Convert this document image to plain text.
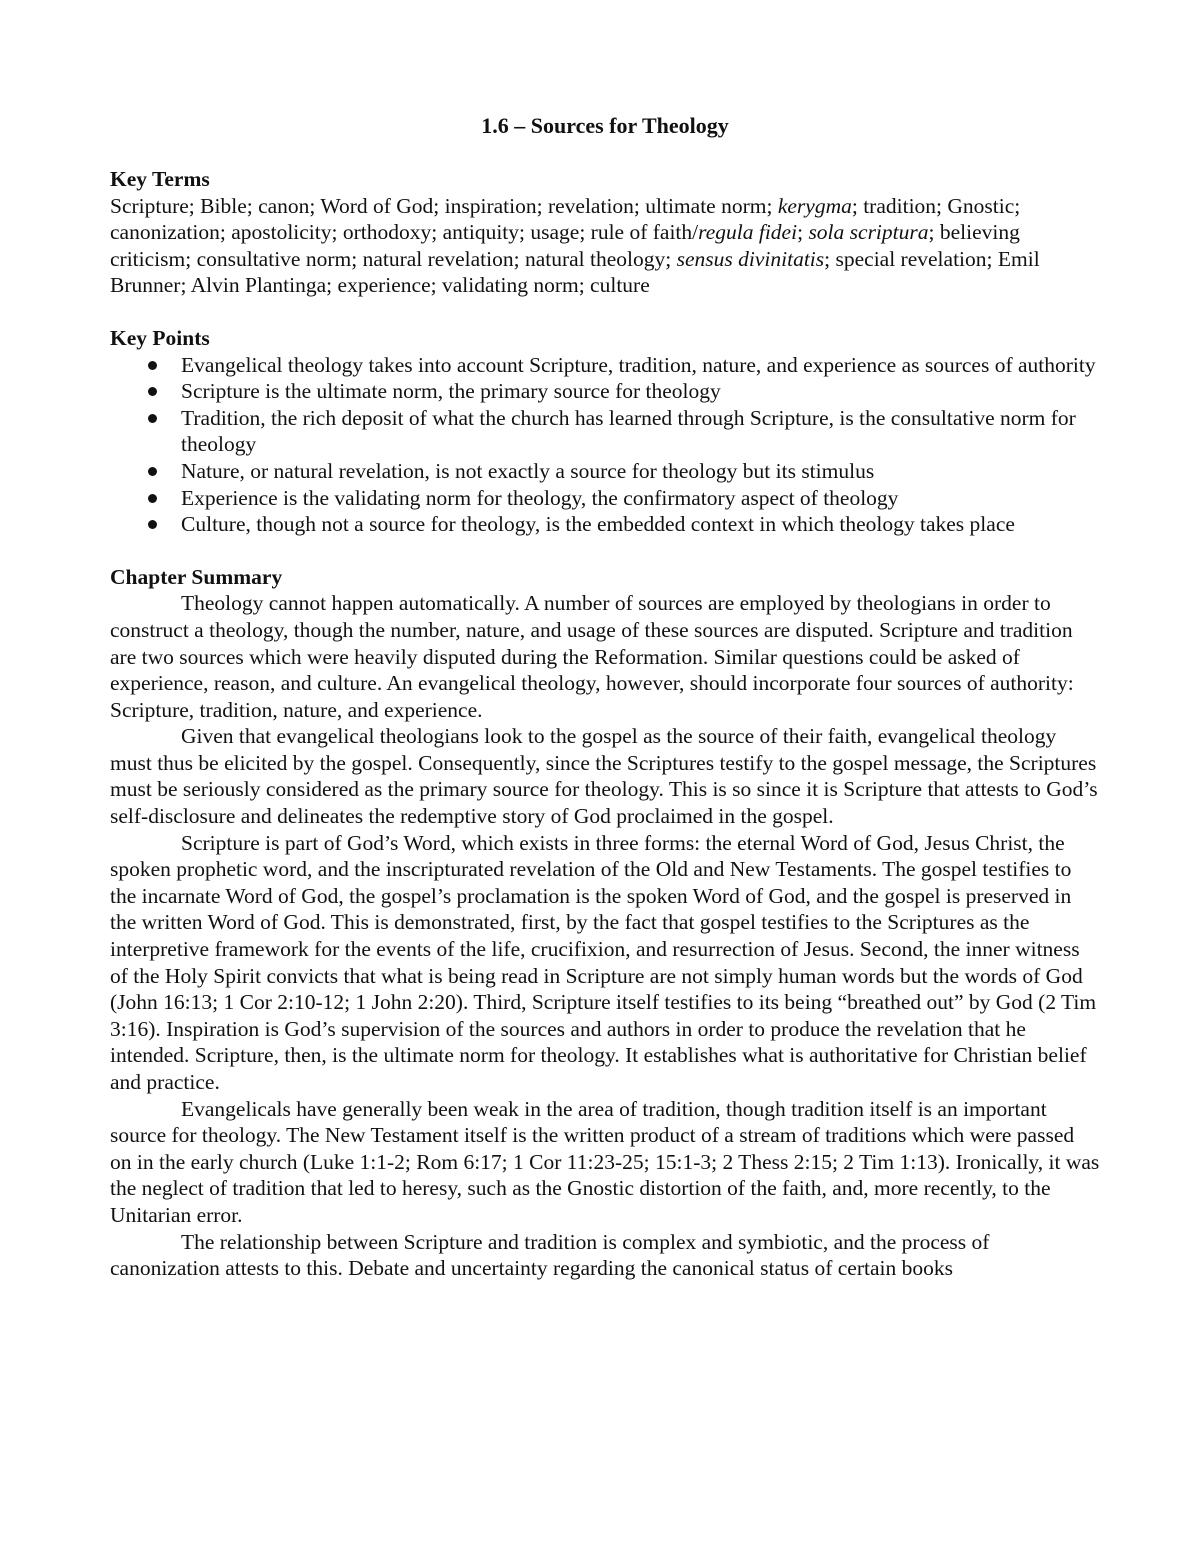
1.6 – Sources for Theology
Key Terms
Scripture; Bible; canon; Word of God; inspiration; revelation; ultimate norm; kerygma; tradition; Gnostic; canonization; apostolicity; orthodoxy; antiquity; usage; rule of faith/regula fidei; sola scriptura; believing criticism; consultative norm; natural revelation; natural theology; sensus divinitatis; special revelation; Emil Brunner; Alvin Plantinga; experience; validating norm; culture
Key Points
Evangelical theology takes into account Scripture, tradition, nature, and experience as sources of authority
Scripture is the ultimate norm, the primary source for theology
Tradition, the rich deposit of what the church has learned through Scripture, is the consultative norm for theology
Nature, or natural revelation, is not exactly a source for theology but its stimulus
Experience is the validating norm for theology, the confirmatory aspect of theology
Culture, though not a source for theology, is the embedded context in which theology takes place
Chapter Summary

Theology cannot happen automatically. A number of sources are employed by theologians in order to construct a theology, though the number, nature, and usage of these sources are disputed. Scripture and tradition are two sources which were heavily disputed during the Reformation. Similar questions could be asked of experience, reason, and culture. An evangelical theology, however, should incorporate four sources of authority: Scripture, tradition, nature, and experience.

Given that evangelical theologians look to the gospel as the source of their faith, evangelical theology must thus be elicited by the gospel. Consequently, since the Scriptures testify to the gospel message, the Scriptures must be seriously considered as the primary source for theology. This is so since it is Scripture that attests to God’s self-disclosure and delineates the redemptive story of God proclaimed in the gospel.

Scripture is part of God’s Word, which exists in three forms: the eternal Word of God, Jesus Christ, the spoken prophetic word, and the inscripturated revelation of the Old and New Testaments. The gospel testifies to the incarnate Word of God, the gospel’s proclamation is the spoken Word of God, and the gospel is preserved in the written Word of God. This is demonstrated, first, by the fact that gospel testifies to the Scriptures as the interpretive framework for the events of the life, crucifixion, and resurrection of Jesus. Second, the inner witness of the Holy Spirit convicts that what is being read in Scripture are not simply human words but the words of God (John 16:13; 1 Cor 2:10-12; 1 John 2:20). Third, Scripture itself testifies to its being “breathed out” by God (2 Tim 3:16). Inspiration is God’s supervision of the sources and authors in order to produce the revelation that he intended. Scripture, then, is the ultimate norm for theology. It establishes what is authoritative for Christian belief and practice.

Evangelicals have generally been weak in the area of tradition, though tradition itself is an important source for theology. The New Testament itself is the written product of a stream of traditions which were passed on in the early church (Luke 1:1-2; Rom 6:17; 1 Cor 11:23-25; 15:1-3; 2 Thess 2:15; 2 Tim 1:13). Ironically, it was the neglect of tradition that led to heresy, such as the Gnostic distortion of the faith, and, more recently, to the Unitarian error.

The relationship between Scripture and tradition is complex and symbiotic, and the process of canonization attests to this. Debate and uncertainty regarding the canonical status of certain books
